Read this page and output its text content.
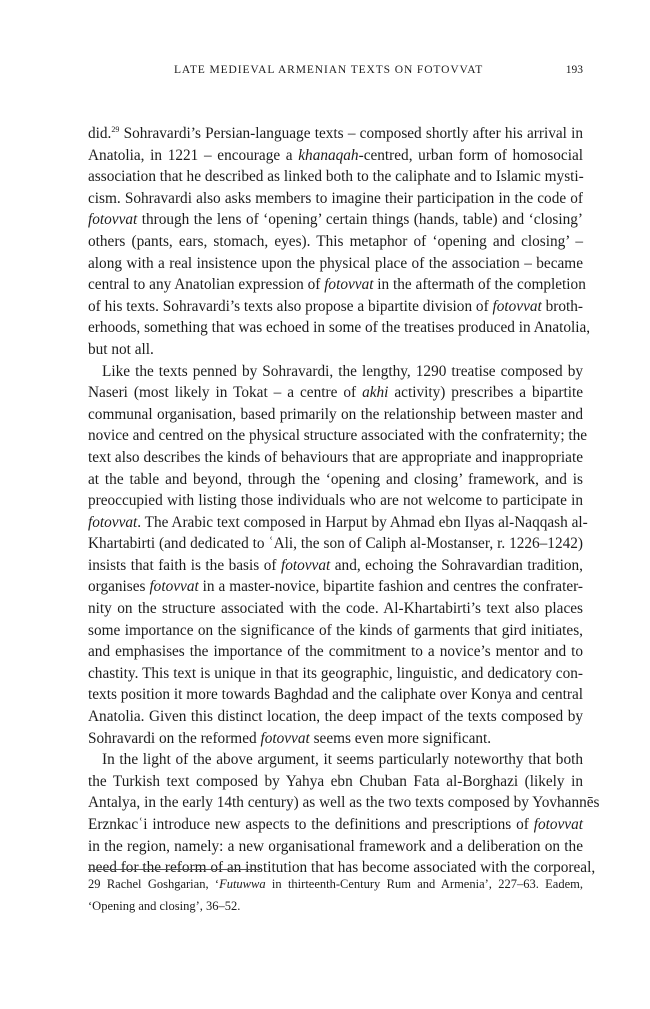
LATE MEDIEVAL ARMENIAN TEXTS ON FOTOVVAT	193
did.$^{29}$ Sohravardi’s Persian-language texts – composed shortly after his arrival in
Anatolia, in 1221 – encourage a khanaqah-centred, urban form of homosocial
association that he described as linked both to the caliphate and to Islamic mysti-
cism. Sohravardi also asks members to imagine their participation in the code of
fotovvat through the lens of ‘opening’ certain things (hands, table) and ‘closing’
others (pants, ears, stomach, eyes). This metaphor of ‘opening and closing’ –
along with a real insistence upon the physical place of the association – became
central to any Anatolian expression of fotovvat in the aftermath of the completion
of his texts. Sohravardi’s texts also propose a bipartite division of fotovvat broth-
erhoods, something that was echoed in some of the treatises produced in Anatolia,
but not all.
Like the texts penned by Sohravardi, the lengthy, 1290 treatise composed by
Naseri (most likely in Tokat – a centre of akhi activity) prescribes a bipartite
communal organisation, based primarily on the relationship between master and
novice and centred on the physical structure associated with the confraternity; the
text also describes the kinds of behaviours that are appropriate and inappropriate
at the table and beyond, through the ‘opening and closing’ framework, and is
preoccupied with listing those individuals who are not welcome to participate in
fotovvat. The Arabic text composed in Harput by Ahmad ebn Ilyas al-Naqqash al-
Khartabirti (and dedicated to ʿAli, the son of Caliph al-Mostanser, r. 1226–1242)
insists that faith is the basis of fotovvat and, echoing the Sohravardian tradition,
organises fotovvat in a master-novice, bipartite fashion and centres the confrater-
nity on the structure associated with the code. Al-Khartabirti’s text also places
some importance on the significance of the kinds of garments that gird initiates,
and emphasises the importance of the commitment to a novice’s mentor and to
chastity. This text is unique in that its geographic, linguistic, and dedicatory con-
texts position it more towards Baghdad and the caliphate over Konya and central
Anatolia. Given this distinct location, the deep impact of the texts composed by
Sohravardi on the reformed fotovvat seems even more significant.
In the light of the above argument, it seems particularly noteworthy that both
the Turkish text composed by Yahya ebn Chuban Fata al-Borghazi (likely in
Antalya, in the early 14th century) as well as the two texts composed by Yovhannēs
Erznkacʿi introduce new aspects to the definitions and prescriptions of fotovvat
in the region, namely: a new organisational framework and a deliberation on the
need for the reform of an institution that has become associated with the corporeal,
29 Rachel Goshgarian, ‘Futuwwa in thirteenth-Century Rum and Armenia’, 227–63. Eadem,
‘Opening and closing’, 36–52.
